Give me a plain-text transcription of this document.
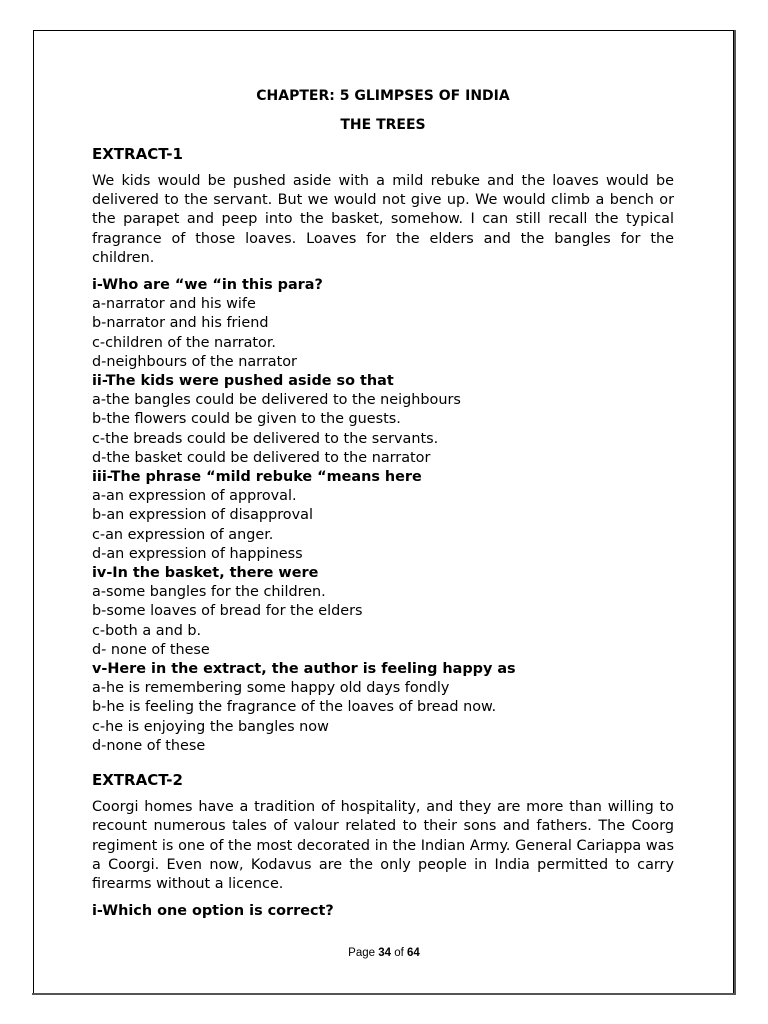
CHAPTER: 5 GLIMPSES OF INDIA
THE TREES
EXTRACT-1
We kids would be pushed aside with a mild rebuke and the loaves would be delivered to the servant. But we would not give up. We would climb a bench or the parapet and peep into the basket, somehow. I can still recall the typical fragrance of those loaves. Loaves for the elders and the bangles for the children.
i-Who are “we “in this para?
a-narrator and his wife
b-narrator and his friend
c-children of the narrator.
d-neighbours of the narrator
ii-The kids were pushed aside so that
a-the bangles could be delivered to the neighbours
b-the flowers could be given to the guests.
c-the breads could be delivered to the servants.
d-the basket could be delivered to the narrator
iii-The phrase “mild rebuke “means here
a-an expression of approval.
b-an expression of disapproval
c-an expression of anger.
d-an expression of happiness
iv-In the basket, there were
a-some bangles for the children.
b-some loaves of bread for the elders
c-both a and b.
d- none of these
v-Here in the extract, the author is feeling happy as
a-he is remembering some happy old days fondly
b-he is feeling the fragrance of the loaves of bread now.
c-he is enjoying the bangles now
d-none of these
EXTRACT-2
Coorgi homes have a tradition of hospitality, and they are more than willing to recount numerous tales of valour related to their sons and fathers. The Coorg regiment is one of the most decorated in the Indian Army. General Cariappa was a Coorgi. Even now, Kodavus are the only people in India permitted to carry firearms without a licence.
i-Which one option is correct?
Page 34 of 64
